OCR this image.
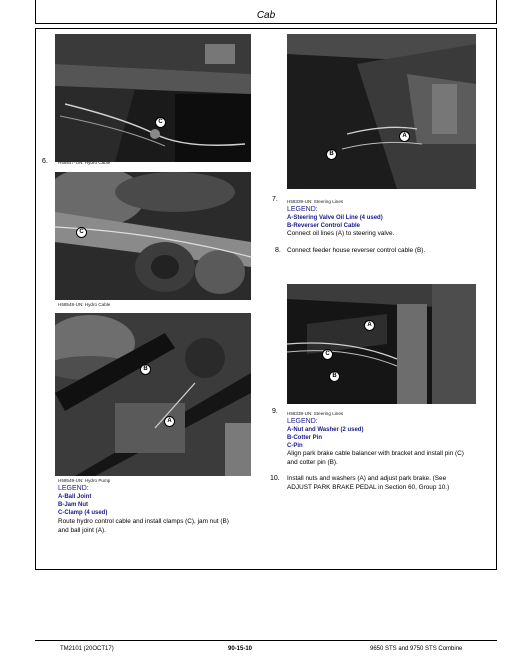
Cab
C
6. H58547-UN: Hydro Cable
C
H58548-UN: Hydro Cable
B
A
H58549-UN: Hydro Pump
LEGEND:
A-Ball Joint
B-Jam Nut
C-Clamp (4 used)
Route hydro control cable and install clamps (C), jam nut (B)
and ball joint (A).
A
B
7. H58339-UN: Steering Lines
LEGEND:
A-Steering Valve Oil Line (4 used)
B-Reverser Control Cable
Connect oil lines (A) to steering valve.
8. Connect feeder house reverser control cable (B).
A
C
B
9. H58338-UN: Steering Lines
LEGEND:
A-Nut and Washer (2 used)
B-Cotter Pin
C-Pin
Align park brake cable balancer with bracket and install pin (C)
and cotter pin (B).
10. Install nuts and washers (A) and adjust park brake. (See
ADJUST PARK BRAKE PEDAL in Section 60, Group 10.)
TM2101 (20OCT17)	90-15-10	9650 STS and 9750 STS Combine
